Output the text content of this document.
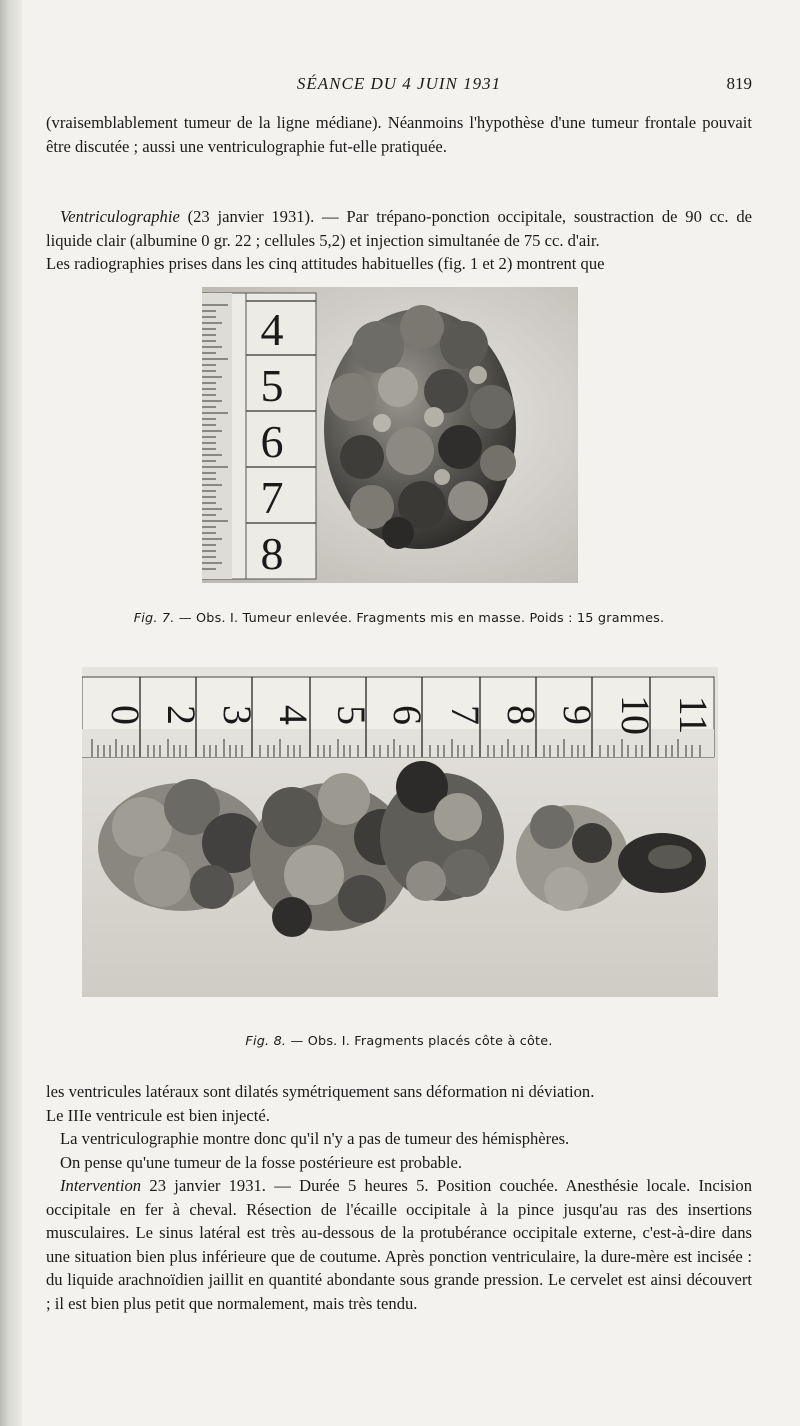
SÉANCE DU 4 JUIN 1931	819

(vraisemblablement tumeur de la ligne médiane). Néanmoins l'hypothèse d'une tumeur frontale pouvait être discutée ; aussi une ventriculographie fut-elle pratiquée.

Ventriculographie (23 janvier 1931). — Par trépano-ponction occipitale, soustraction de 90 cc. de liquide clair (albumine 0 gr. 22 ; cellules 5,2) et injection simultanée de 75 cc. d'air.
Les radiographies prises dans les cinq attitudes habituelles (fig. 1 et 2) montrent que

4
5
6
7
8
Fig. 7. — Obs. I. Tumeur enlevée. Fragments mis en masse. Poids : 15 grammes.
0 2 3 4 5 6 7 8 9 10 11
Fig. 8. — Obs. I. Fragments placés côte à côte.
les ventricules latéraux sont dilatés symétriquement sans déformation ni déviation.
Le IIIe ventricule est bien injecté.
La ventriculographie montre donc qu'il n'y a pas de tumeur des hémisphères.
On pense qu'une tumeur de la fosse postérieure est probable.
Intervention 23 janvier 1931. — Durée 5 heures 5. Position couchée. Anesthésie locale. Incision occipitale en fer à cheval. Résection de l'écaille occipitale à la pince jusqu'au ras des insertions musculaires. Le sinus latéral est très au-dessous de la protubérance occipitale externe, c'est-à-dire dans une situation bien plus inférieure que de coutume. Après ponction ventriculaire, la dure-mère est incisée : du liquide arachnoïdien jaillit en quantité abondante sous grande pression. Le cervelet est ainsi découvert ; il est bien plus petit que normalement, mais très tendu.
